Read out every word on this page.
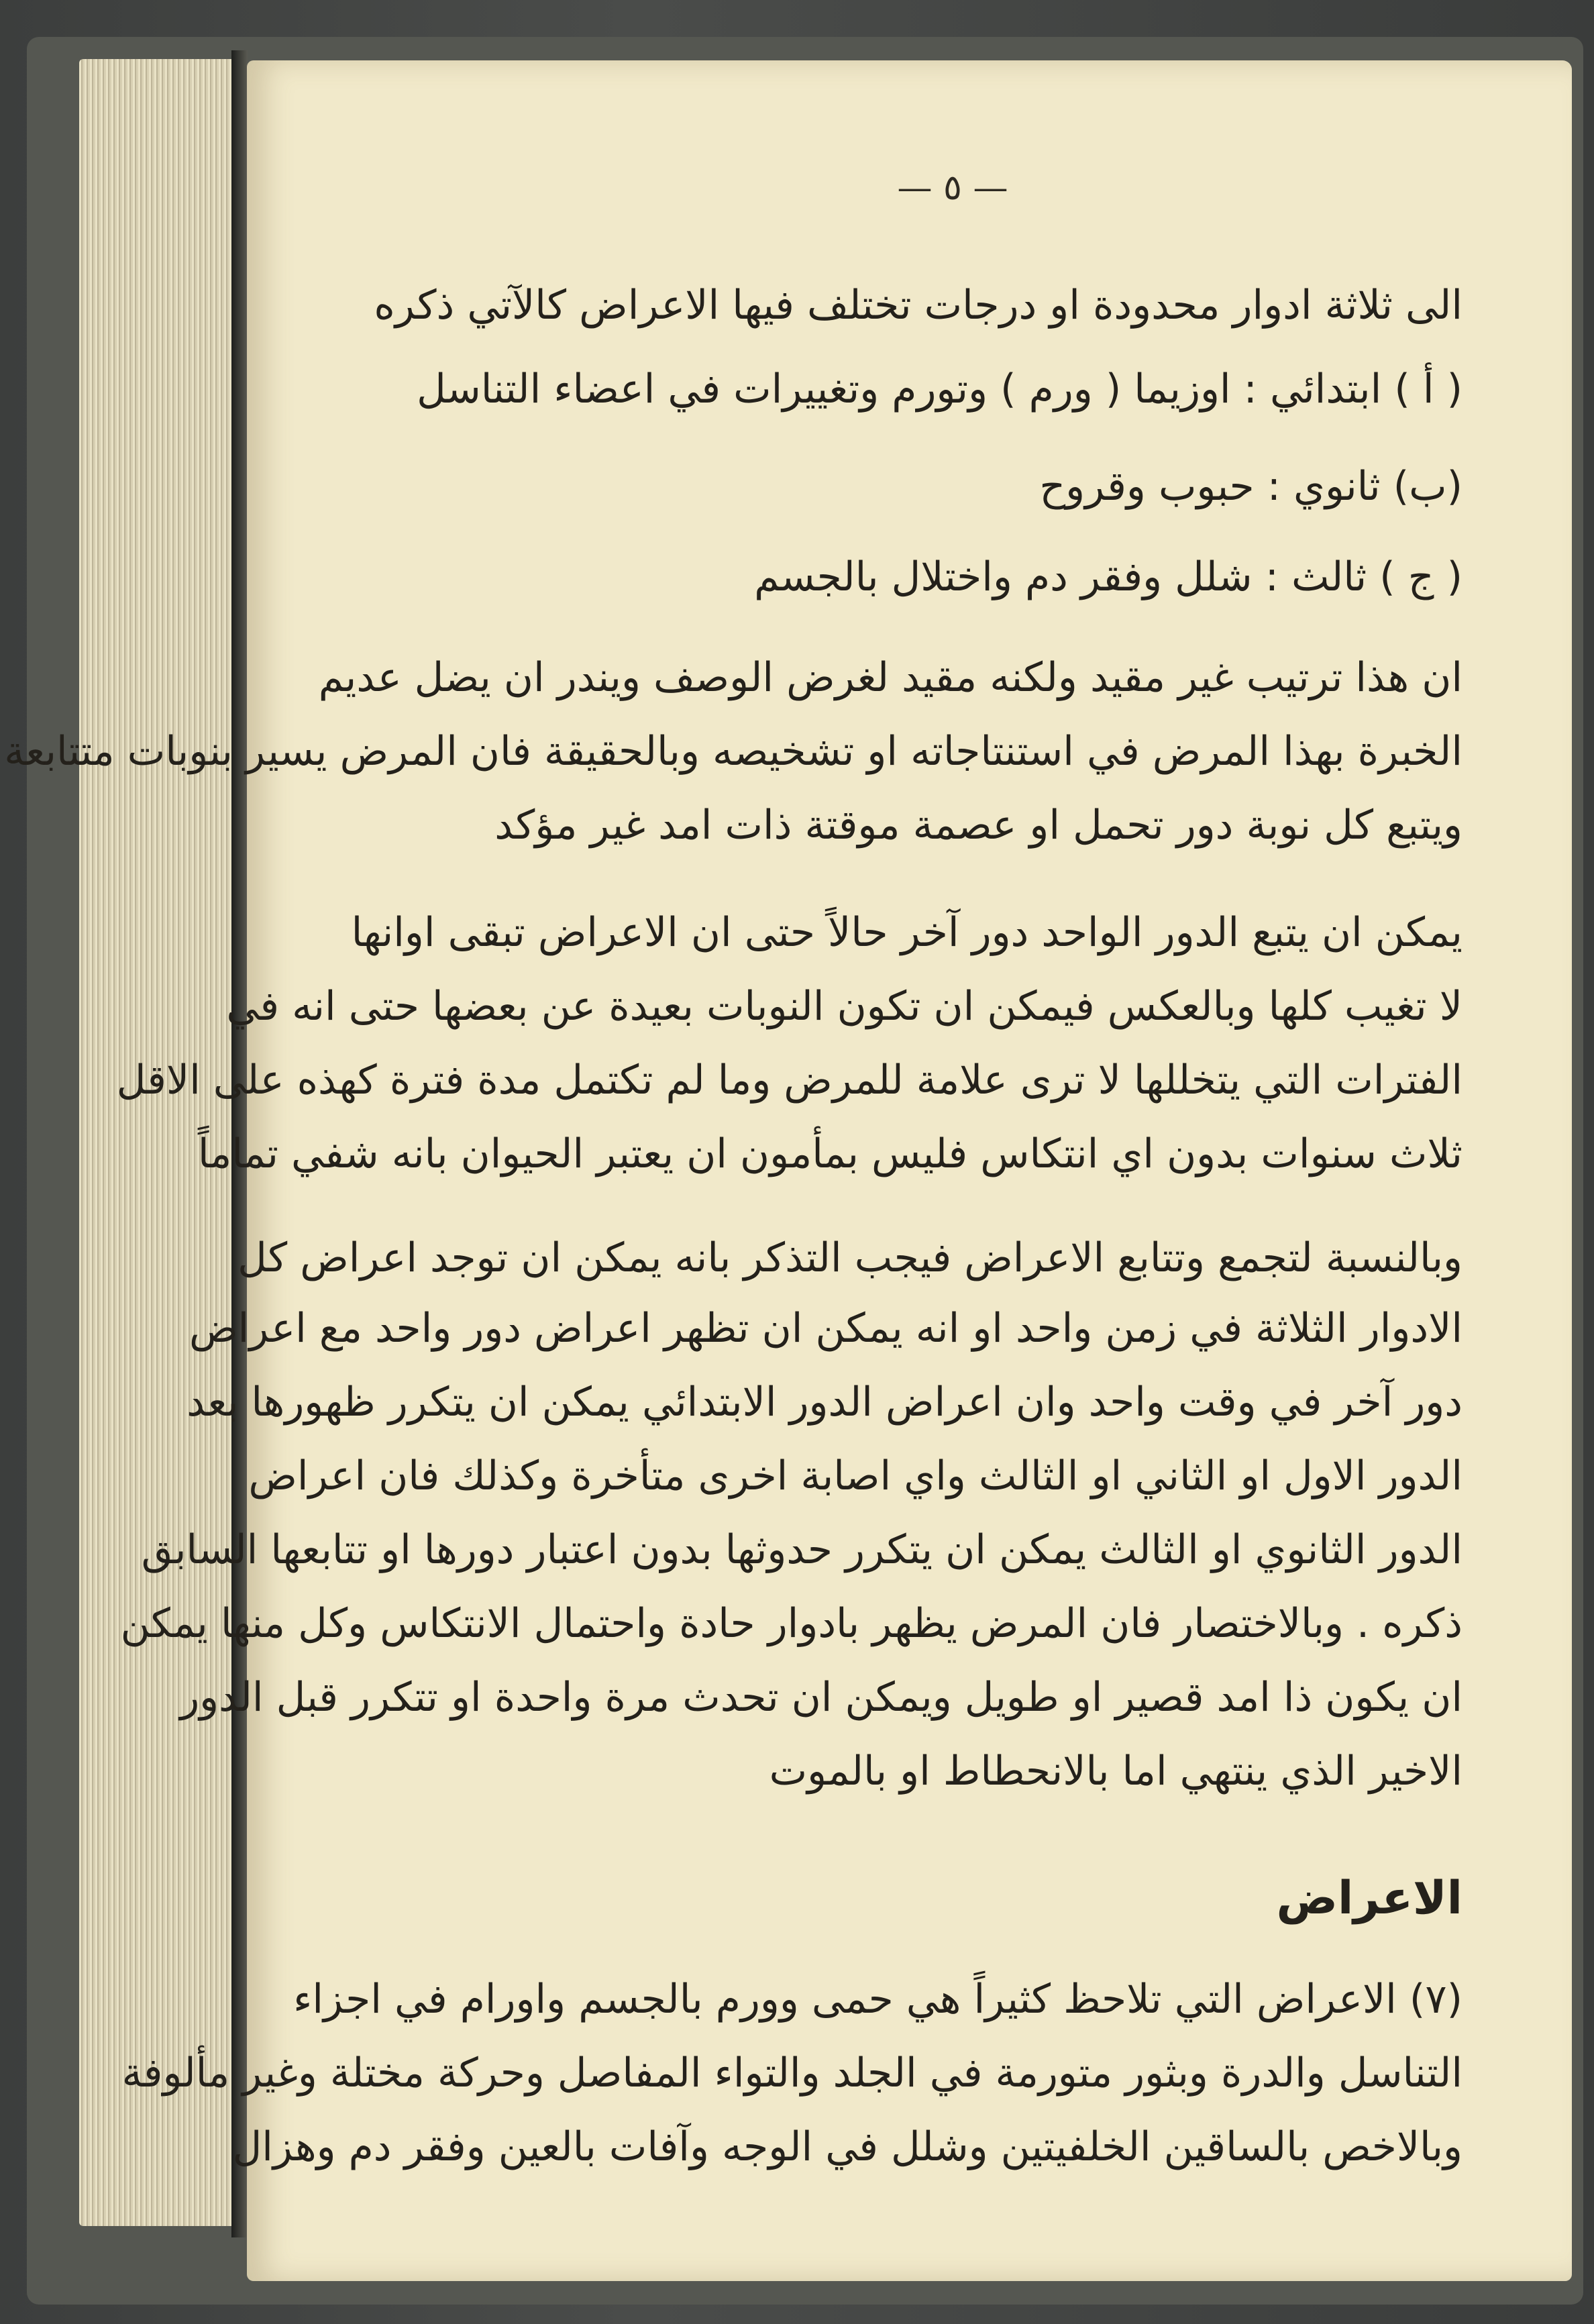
— ٥ —
الى ثلاثة ادوار محدودة او درجات تختلف فيها الاعراض كالآتي ذكره
( أ ) ابتدائي : اوزيما ( ورم ) وتورم وتغييرات في اعضاء التناسل
(ب) ثانوي : حبوب وقروح
( ج ) ثالث : شلل وفقر دم واختلال بالجسم
ان هذا ترتيب غير مقيد ولكنه مقيد لغرض الوصف ويندر ان يضل عديم
الخبرة بهذا المرض في استنتاجاته او تشخيصه وبالحقيقة فان المرض يسير بنوبات متتابعة
ويتبع كل نوبة دور تحمل او عصمة موقتة ذات امد غير مؤكد
يمكن ان يتبع الدور الواحد دور آخر حالاً حتى ان الاعراض تبقى اوانها
لا تغيب كلها وبالعكس فيمكن ان تكون النوبات بعيدة عن بعضها حتى انه في
الفترات التي يتخللها لا ترى علامة للمرض وما لم تكتمل مدة فترة كهذه على الاقل
ثلاث سنوات بدون اي انتكاس فليس بمأمون ان يعتبر الحيوان بانه شفي تماماً
وبالنسبة لتجمع وتتابع الاعراض فيجب التذكر بانه يمكن ان توجد اعراض كل
الادوار الثلاثة في زمن واحد او انه يمكن ان تظهر اعراض دور واحد مع اعراض
دور آخر في وقت واحد وان اعراض الدور الابتدائي يمكن ان يتكرر ظهورها بعد
الدور الاول او الثاني او الثالث واي اصابة اخرى متأخرة وكذلك فان اعراض
الدور الثانوي او الثالث يمكن ان يتكرر حدوثها بدون اعتبار دورها او تتابعها السابق
ذكره . وبالاختصار فان المرض يظهر بادوار حادة واحتمال الانتكاس وكل منها يمكن
ان يكون ذا امد قصير او طويل ويمكن ان تحدث مرة واحدة او تتكرر قبل الدور
الاخير الذي ينتهي اما بالانحطاط او بالموت
الاعراض
(٧) الاعراض التي تلاحظ كثيراً هي حمى وورم بالجسم واورام في اجزاء
التناسل والدرة وبثور متورمة في الجلد والتواء المفاصل وحركة مختلة وغير مألوفة
وبالاخص بالساقين الخلفيتين وشلل في الوجه وآفات بالعين وفقر دم وهزال
